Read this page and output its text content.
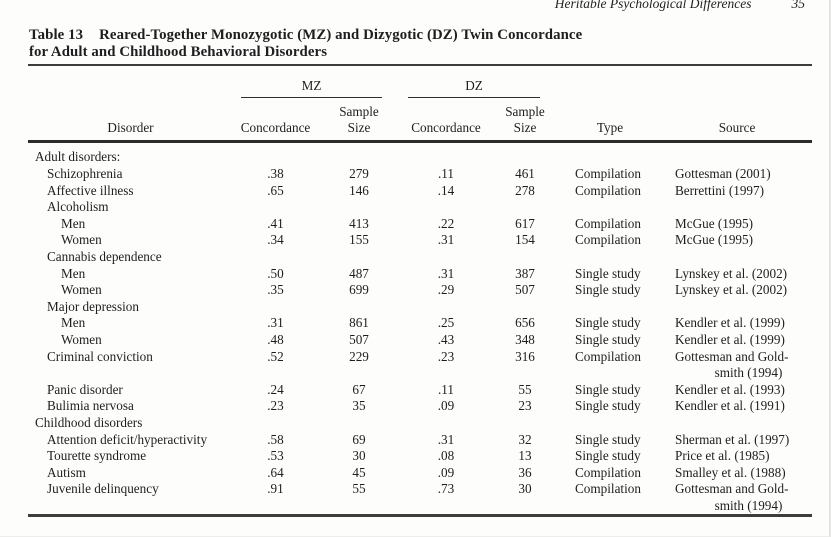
Heritable Psychological Differences	35
Table 13 Reared-Together Monozygotic (MZ) and Dizygotic (DZ) Twin Concordance
for Adult and Childhood Behavioral Disorders

	MZ		DZ			

Disorder	Concordance	
Sample
Size	Concordance	
Sample
Size	Type	Source
Adult disorders:						
Schizophrenia	.38	279	.11	461	Compilation	Gottesman (2001)

Affective illness	.65	146	.14	278	Compilation	Berrettini (1997)

Alcoholism						
Men	.41	413	.22	617	Compilation	McGue (1995)

Women	.34	155	.31	154	Compilation	McGue (1995)

Cannabis dependence						
Men	.50	487	.31	387	Single study	Lynskey et al. (2002)

Women	.35	699	.29	507	Single study	Lynskey et al. (2002)

Major depression						
Men	.31	861	.25	656	Single study	Kendler et al. (1999)

Women	.48	507	.43	348	Single study	Kendler et al. (1999)

Criminal conviction	.52	229	.23	316	Compilation	Gottesman and Gold-
smith (1994)

Panic disorder	.24	67	.11	55	Single study	Kendler et al. (1993)

Bulimia nervosa	.23	35	.09	23	Single study	Kendler et al. (1991)

Childhood disorders						
Attention deficit/hyperactivity	.58	69	.31	32	Single study	Sherman et al. (1997)

Tourette syndrome	.53	30	.08	13	Single study	Price et al. (1985)

Autism	.64	45	.09	36	Compilation	Smalley et al. (1988)

Juvenile delinquency	.91	55	.73	30	Compilation	Gottesman and Gold-
smith (1994)
